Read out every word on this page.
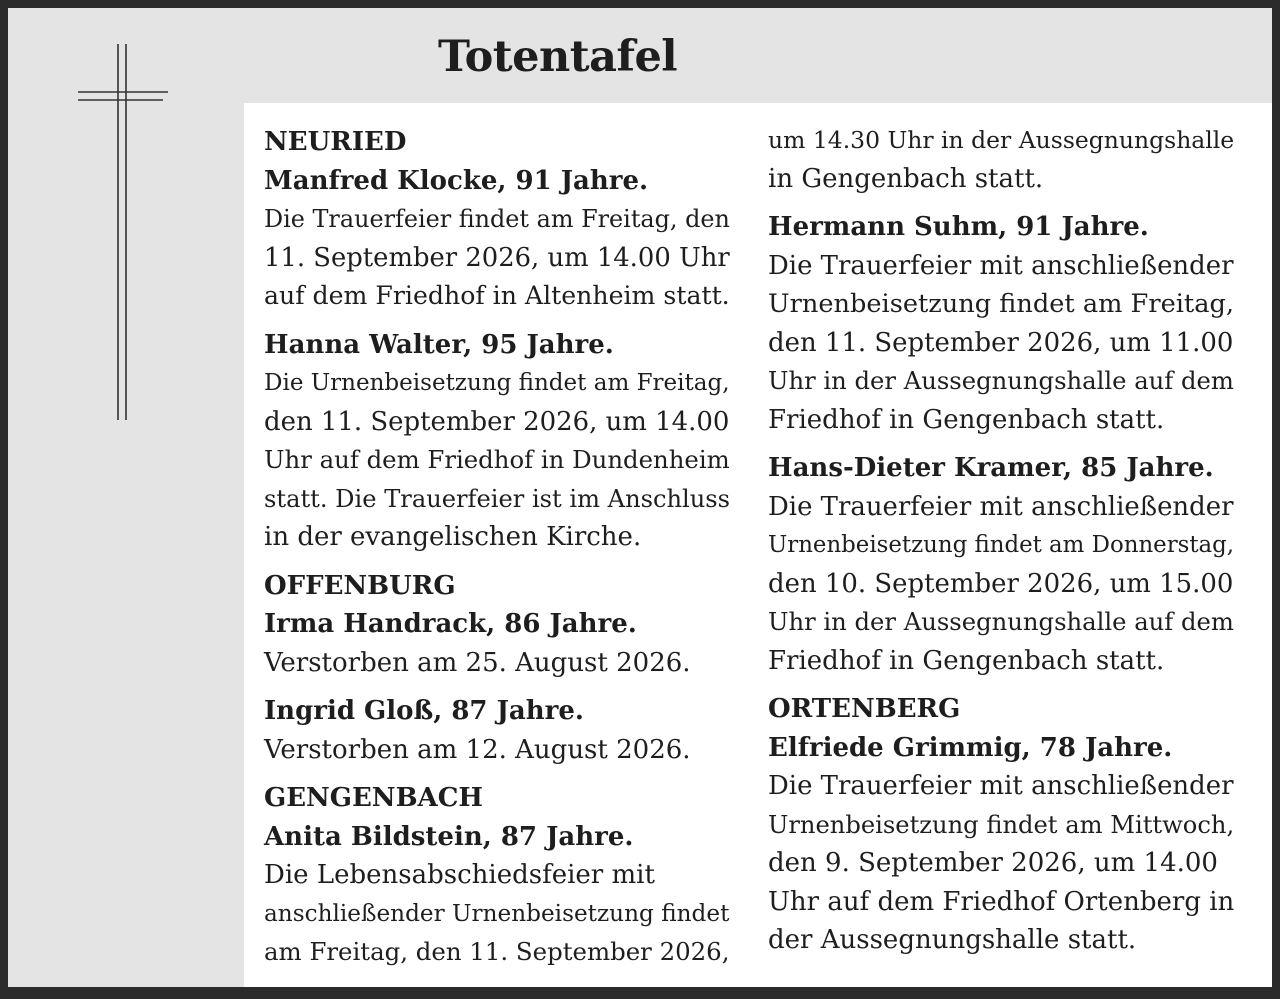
Totentafel

NEURIED

Manfred Klocke, 91 Jahre.

Die Trauerfeier findet am Freitag, den
11. September 2026, um 14.00 Uhr
auf dem Friedhof in Altenheim statt.

Hanna Walter, 95 Jahre.

Die Urnenbeisetzung findet am Freitag,
den 11. September 2026, um 14.00
Uhr auf dem Friedhof in Dundenheim
statt. Die Trauerfeier ist im Anschluss
in der evangelischen Kirche.

OFFENBURG

Irma Handrack, 86 Jahre.

Verstorben am 25. August 2026.

Ingrid Gloß, 87 Jahre.

Verstorben am 12. August 2026.

GENGENBACH

Anita Bildstein, 87 Jahre.

Die Lebensabschiedsfeier mit
anschließender Urnenbeisetzung findet
am Freitag, den 11. September 2026,

um 14.30 Uhr in der Aussegnungshalle
in Gengenbach statt.

Hermann Suhm, 91 Jahre.

Die Trauerfeier mit anschließender
Urnenbeisetzung findet am Freitag,
den 11. September 2026, um 11.00
Uhr in der Aussegnungshalle auf dem
Friedhof in Gengenbach statt.

Hans-Dieter Kramer, 85 Jahre.

Die Trauerfeier mit anschließender
Urnenbeisetzung findet am Donnerstag,
den 10. September 2026, um 15.00
Uhr in der Aussegnungshalle auf dem
Friedhof in Gengenbach statt.

ORTENBERG

Elfriede Grimmig, 78 Jahre.

Die Trauerfeier mit anschließender
Urnenbeisetzung findet am Mittwoch,
den 9. September 2026, um 14.00
Uhr auf dem Friedhof Ortenberg in
der Aussegnungshalle statt.
